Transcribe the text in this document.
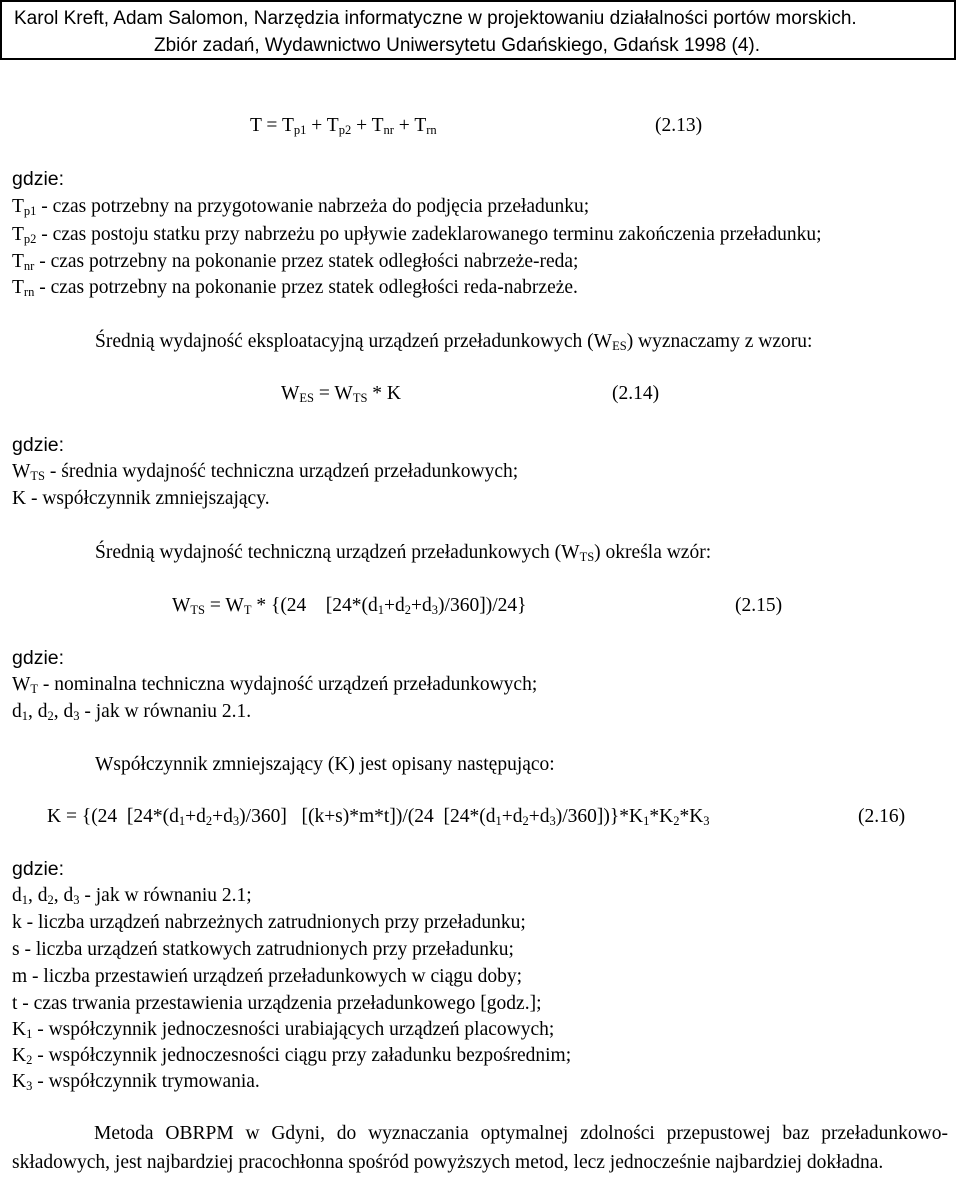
Karol Kreft, Adam Salomon, Narzędzia informatyczne w projektowaniu działalności portów morskich.
Zbiór zadań, Wydawnictwo Uniwersytetu Gdańskiego, Gdańsk 1998 (4).
$T = T_{p1} + T_{p2} + T_{nr} + T_{rn}$	(2.13)
gdzie:
$T_{p1}$ - czas potrzebny na przygotowanie nabrzeża do podjęcia przeładunku;
$T_{p2}$ - czas postoju statku przy nabrzeżu po upływie zadeklarowanego terminu zakończenia przeładunku;
$T_{nr}$ - czas potrzebny na pokonanie przez statek odległości nabrzeże-reda;
$T_{rn}$ - czas potrzebny na pokonanie przez statek odległości reda-nabrzeże.
Średnią wydajność eksploatacyjną urządzeń przeładunkowych $(W_{ES})$ wyznaczamy z wzoru:
$W_{ES} = W_{TS} * K$	(2.14)
gdzie:
$W_{TS}$ - średnia wydajność techniczna urządzeń przeładunkowych;
K - współczynnik zmniejszający.
Średnią wydajność techniczną urządzeń przeładunkowych $(W_{TS})$ określa wzór:
$W_{TS} = W_T * \{(24$    $[24*(d_1+d_2+d_3)/360])/24$}	(2.15)
gdzie:
$W_T$ - nominalna techniczna wydajność urządzeń przeładunkowych;
$d_1$, $d_2$, $d_3$ - jak w równaniu 2.1.
Współczynnik zmniejszający (K) jest opisany następująco:
K = {(24  $[24*(d_1+d_2+d_3)/360]$   [(k+s)*m*t])/(24  $[24*(d_1+d_2+d_3)/360])\}*K_1*K_2*K_3$	(2.16)
gdzie:
$d_1$, $d_2$, $d_3$ - jak w równaniu 2.1;
k - liczba urządzeń nabrzeżnych zatrudnionych przy przeładunku;
s - liczba urządzeń statkowych zatrudnionych przy przeładunku;
m - liczba przestawień urządzeń przeładunkowych w ciągu doby;
t - czas trwania przestawienia urządzenia przeładunkowego [godz.];
$K_1$ - współczynnik jednoczesności urabiających urządzeń placowych;
$K_2$ - współczynnik jednoczesności ciągu przy załadunku bezpośrednim;
$K_3$ - współczynnik trymowania.
Metoda OBRPM w Gdyni, do wyznaczania optymalnej zdolności przepustowej baz przeładunkowo-składowych, jest najbardziej pracochłonna spośród powyższych metod, lecz jednocześnie najbardziej dokładna.
